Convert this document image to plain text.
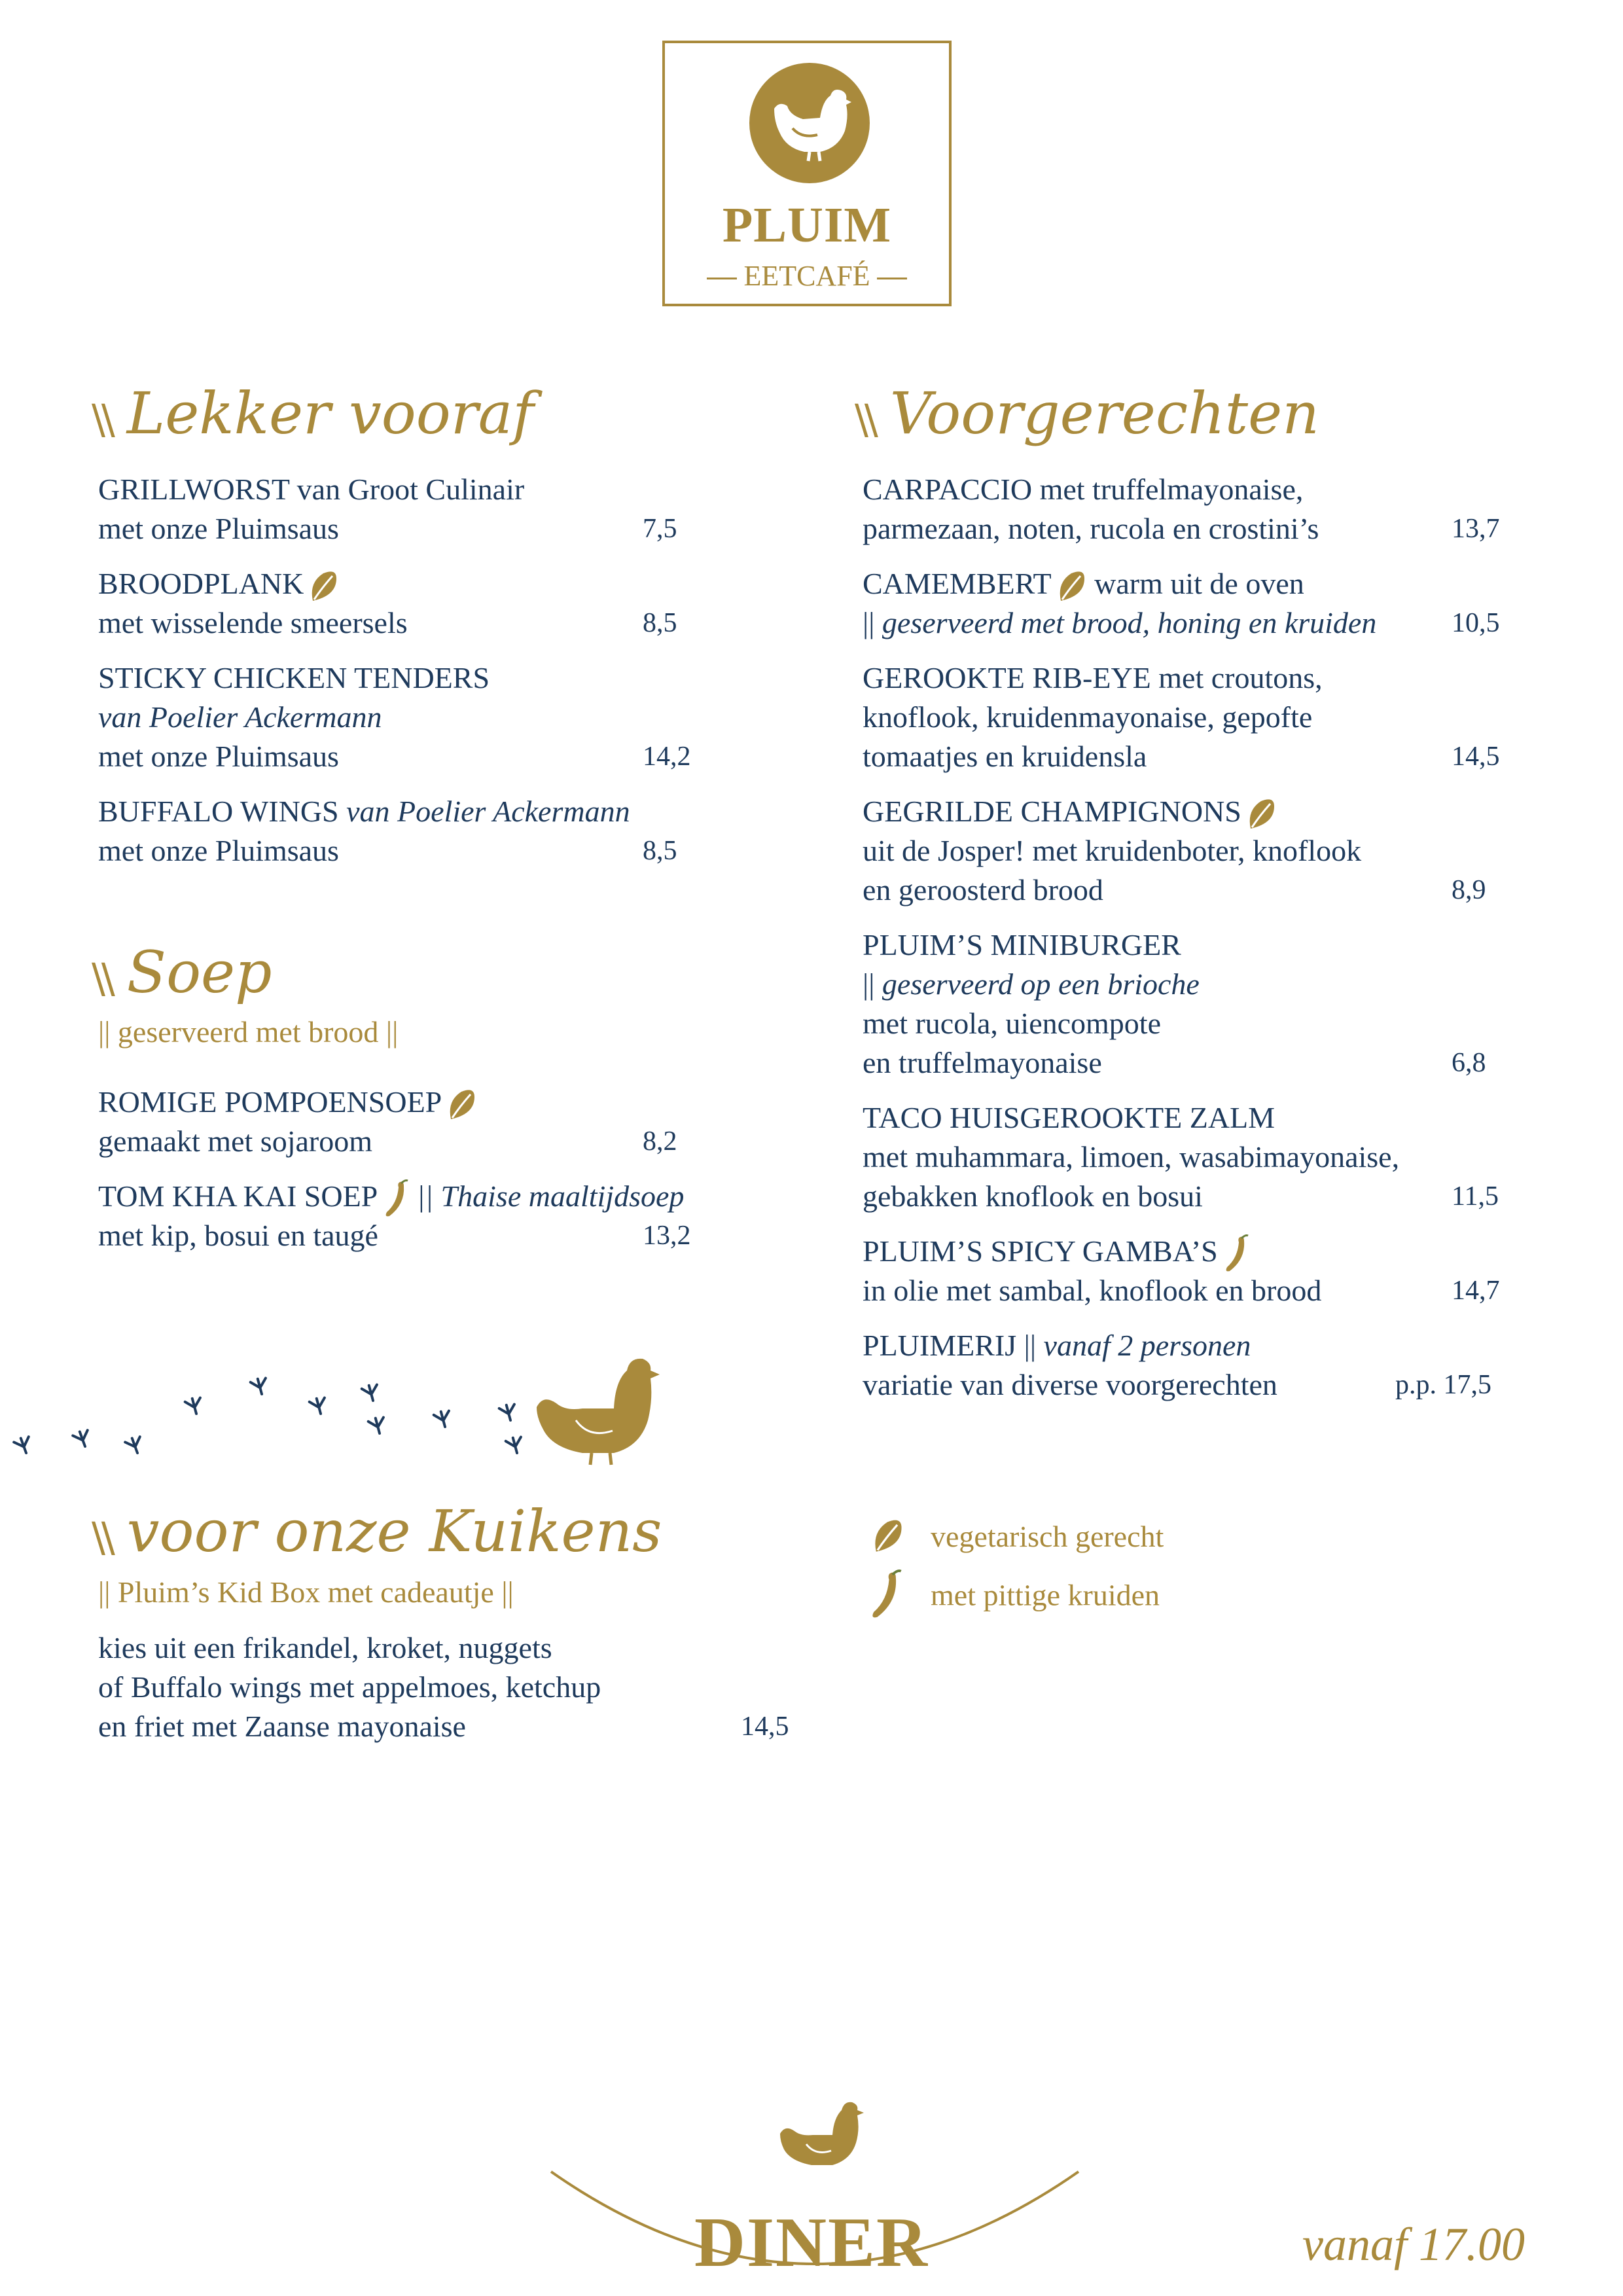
PLUIM
EETCAFÉ
\\ Lekker vooraf
GRILLWORST van Groot Culinair
met onze Pluimsaus	7,5
BROODPLANK
met wisselende smeersels	8,5
STICKY CHICKEN TENDERS
van Poelier Ackermann
met onze Pluimsaus	14,2
BUFFALO WINGS van Poelier Ackermann
met onze Pluimsaus	8,5
\\ Soep
|| geserveerd met brood ||
ROMIGE POMPOENSOEP
gemaakt met sojaroom	8,2
TOM KHA KAI SOEP || Thaise maaltijdsoep
met kip, bosui en taugé	13,2
\\ voor onze Kuikens
|| Pluim’s Kid Box met cadeautje ||
kies uit een frikandel, kroket, nuggets
of Buffalo wings met appelmoes, ketchup
en friet met Zaanse mayonaise	14,5
\\ Voorgerechten
CARPACCIO met truffelmayonaise,
parmezaan, noten, rucola en crostini’s	13,7
CAMEMBERT warm uit de oven
|| geserveerd met brood, honing en kruiden	10,5
GEROOKTE RIB-EYE met croutons,
knoflook, kruidenmayonaise, gepofte
tomaatjes en kruidensla	14,5
GEGRILDE CHAMPIGNONS
uit de Josper! met kruidenboter, knoflook
en geroosterd brood	8,9
PLUIM’S MINIBURGER
|| geserveerd op een brioche
met rucola, uiencompote
en truffelmayonaise	6,8
TACO HUISGEROOKTE ZALM
met muhammara, limoen, wasabimayonaise,
gebakken knoflook en bosui	11,5
PLUIM’S SPICY GAMBA’S
in olie met sambal, knoflook en brood	14,7
PLUIMERIJ || vanaf 2 personen
variatie van diverse voorgerechten	p.p. 17,5
vegetarisch gerecht
met pittige kruiden
DINER	vanaf 17.00
